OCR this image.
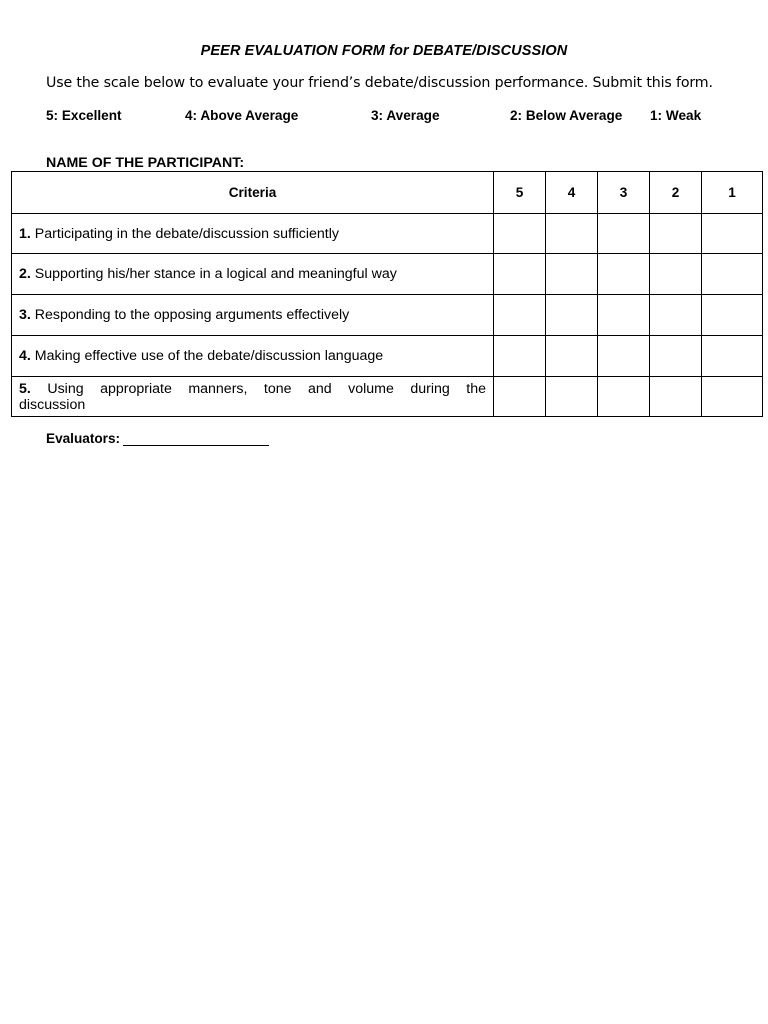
PEER EVALUATION FORM for DEBATE/DISCUSSION
Use the scale below to evaluate your friend’s debate/discussion performance. Submit this form.
5: Excellent	4: Above Average	3: Average	2: Below Average 1: Weak
NAME OF THE PARTICIPANT:
Criteria	5	4	3	2	1
1. Participating in the debate/discussion sufficiently					
2. Supporting his/her stance in a logical and meaningful way					
3. Responding to the opposing arguments effectively					
4. Making effective use of the debate/discussion language					

5. Using appropriate manners, tone and volume during the
discussion					
Evaluators:
